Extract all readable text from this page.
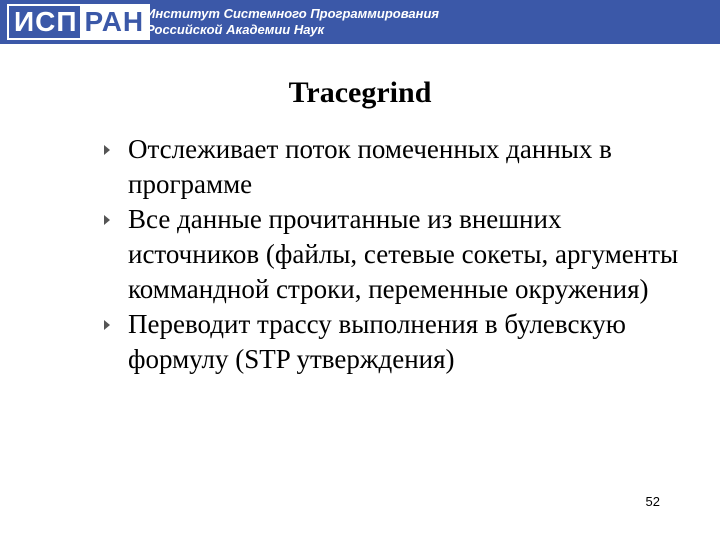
ИСП РАН Институт Системного Программирования
Российской Академии Наук
Tracegrind
Отслеживает поток помеченных данных в программе
Все данные прочитанные из внешних источников (файлы, сетевые сокеты, аргументы коммандной строки, переменные окружения)
Переводит трассу выполнения в булевскую формулу (STP утверждения)
52
